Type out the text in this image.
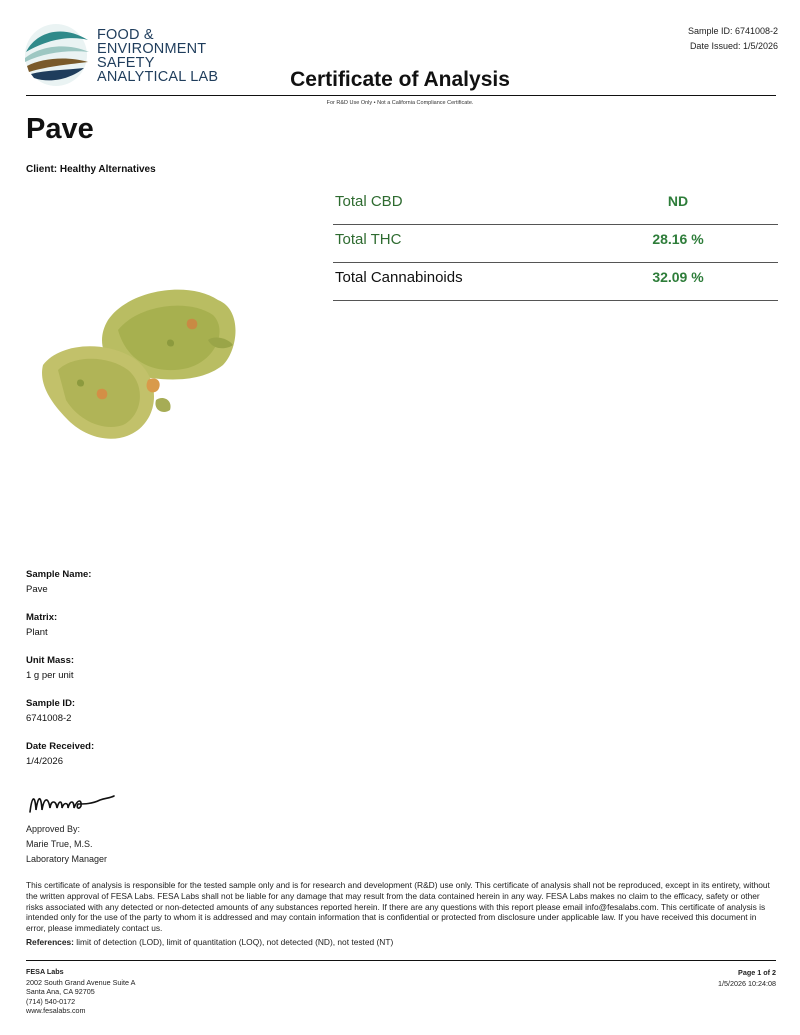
FOOD &
ENVIRONMENT
SAFETY
ANALYTICAL LAB
Sample ID: 6741008-2
Date Issued: 1/5/2026
Certificate of Analysis
For R&D Use Only • Not a California Compliance Certificate.
Pave
Client: Healthy Alternatives
Total CBD	ND
Total THC	28.16 %
Total Cannabinoids	32.09 %
Sample Name:
Pave
Matrix:
Plant
Unit Mass:
1 g per unit
Sample ID:
6741008-2
Date Received:
1/4/2026
Approved By:
Marie True, M.S.
Laboratory Manager
This certificate of analysis is responsible for the tested sample only and is for research and development (R&D) use only. This certificate of analysis shall not be reproduced, except in its entirety, without the written approval of FESA Labs. FESA Labs shall not be liable for any damage that may result from the data contained herein in any way. FESA Labs makes no claim to the efficacy, safety or other risks associated with any detected or non-detected amounts of any substances reported herein. If there are any questions with this report please email info@fesalabs.com. This certificate of analysis is intended only for the use of the party to whom it is addressed and may contain information that is confidential or protected from disclosure under applicable law. If you have received this document in error, please immediately contact us.
References: limit of detection (LOD), limit of quantitation (LOQ), not detected (ND), not tested (NT)
FESA Labs
2002 South Grand Avenue Suite A
Santa Ana, CA 92705
(714) 540-0172
www.fesalabs.com
Page 1 of 2
1/5/2026 10:24:08
